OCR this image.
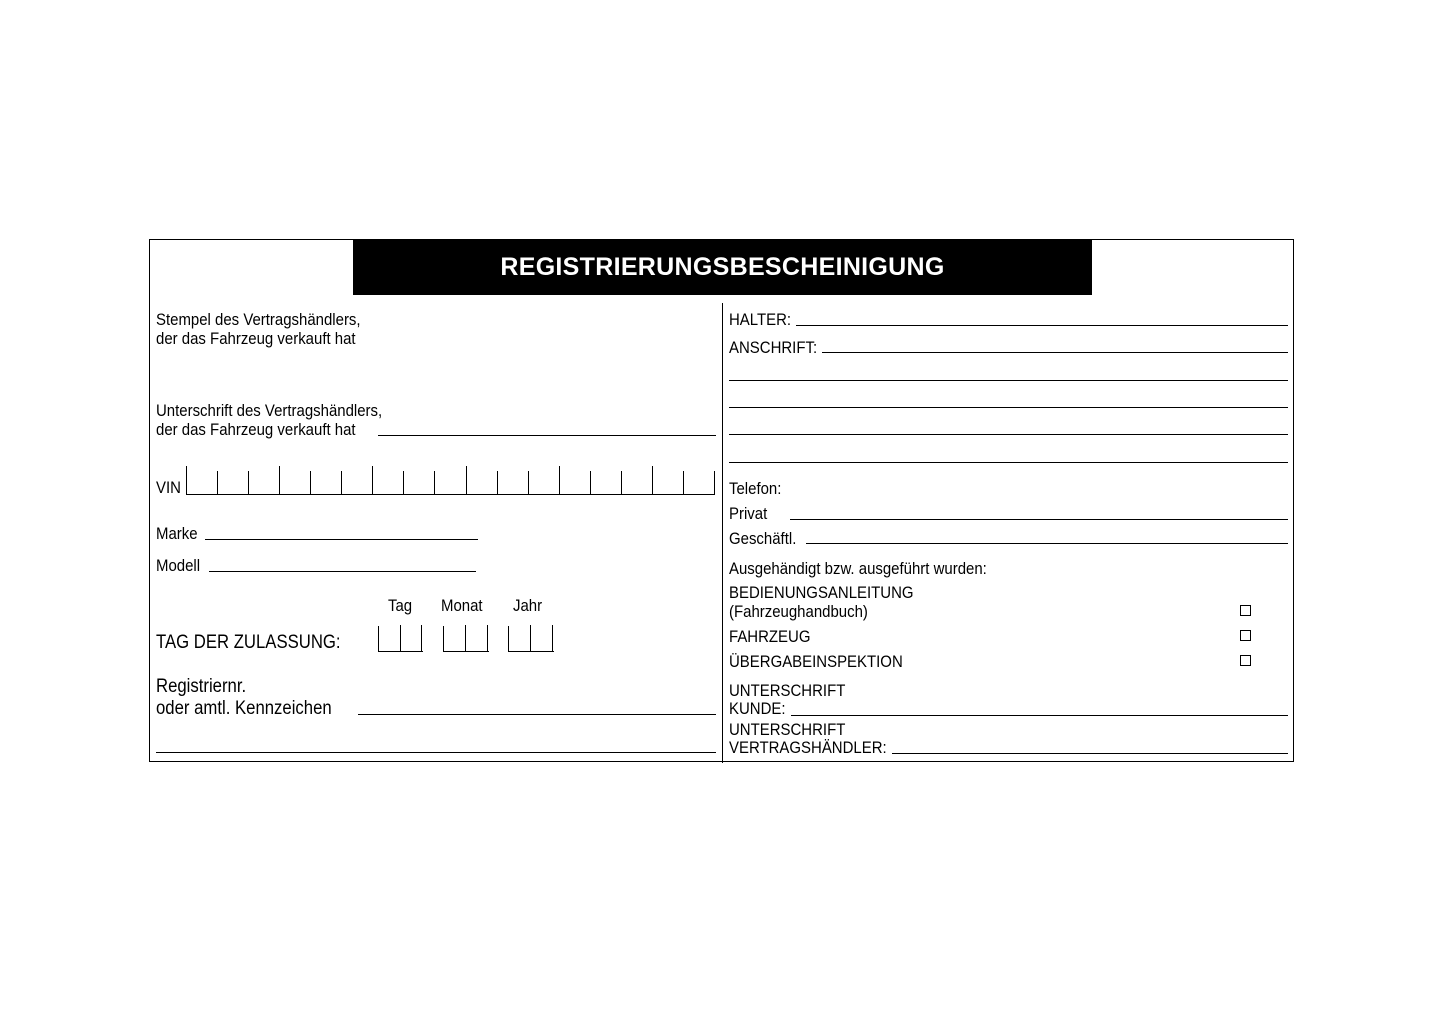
REGISTRIERUNGSBESCHEINIGUNG
Stempel des Vertragshändlers,
der das Fahrzeug verkauft hat
Unterschrift des Vertragshändlers,
der das Fahrzeug verkauft hat
VIN
Marke
Modell
Tag Monat Jahr
TAG DER ZULASSUNG:
Registriernr.
oder amtl. Kennzeichen
HALTER:
ANSCHRIFT:
Telefon:
Privat
Geschäftl.
Ausgehändigt bzw. ausgeführt wurden:
BEDIENUNGSANLEITUNG
(Fahrzeughandbuch)
FAHRZEUG
ÜBERGABEINSPEKTION
UNTERSCHRIFT
KUNDE:
UNTERSCHRIFT
VERTRAGSHÄNDLER:
